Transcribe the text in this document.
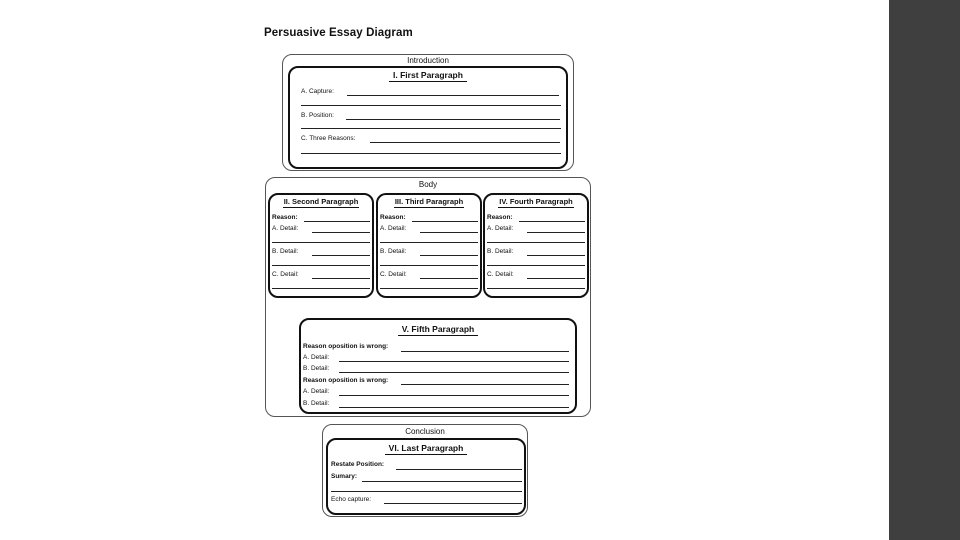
Persuasive Essay Diagram
Introduction
I. First Paragraph
A. Capture:
B. Position:
C. Three Reasons:
Body
II. Second Paragraph
Reason:
A. Detail:
B. Detail:
C. Detail:
III. Third Paragraph
Reason:
A. Detail:
B. Detail:
C. Detail:
IV. Fourth Paragraph
Reason:
A. Detail:
B. Detail:
C. Detail:
V. Fifth Paragraph
Reason oposition is wrong:
A. Detail:
B. Detail:
Reason oposition is wrong:
A. Detail:
B. Detail:
Conclusion
VI. Last Paragraph
Restate Position:
Sumary:
Echo capture:
